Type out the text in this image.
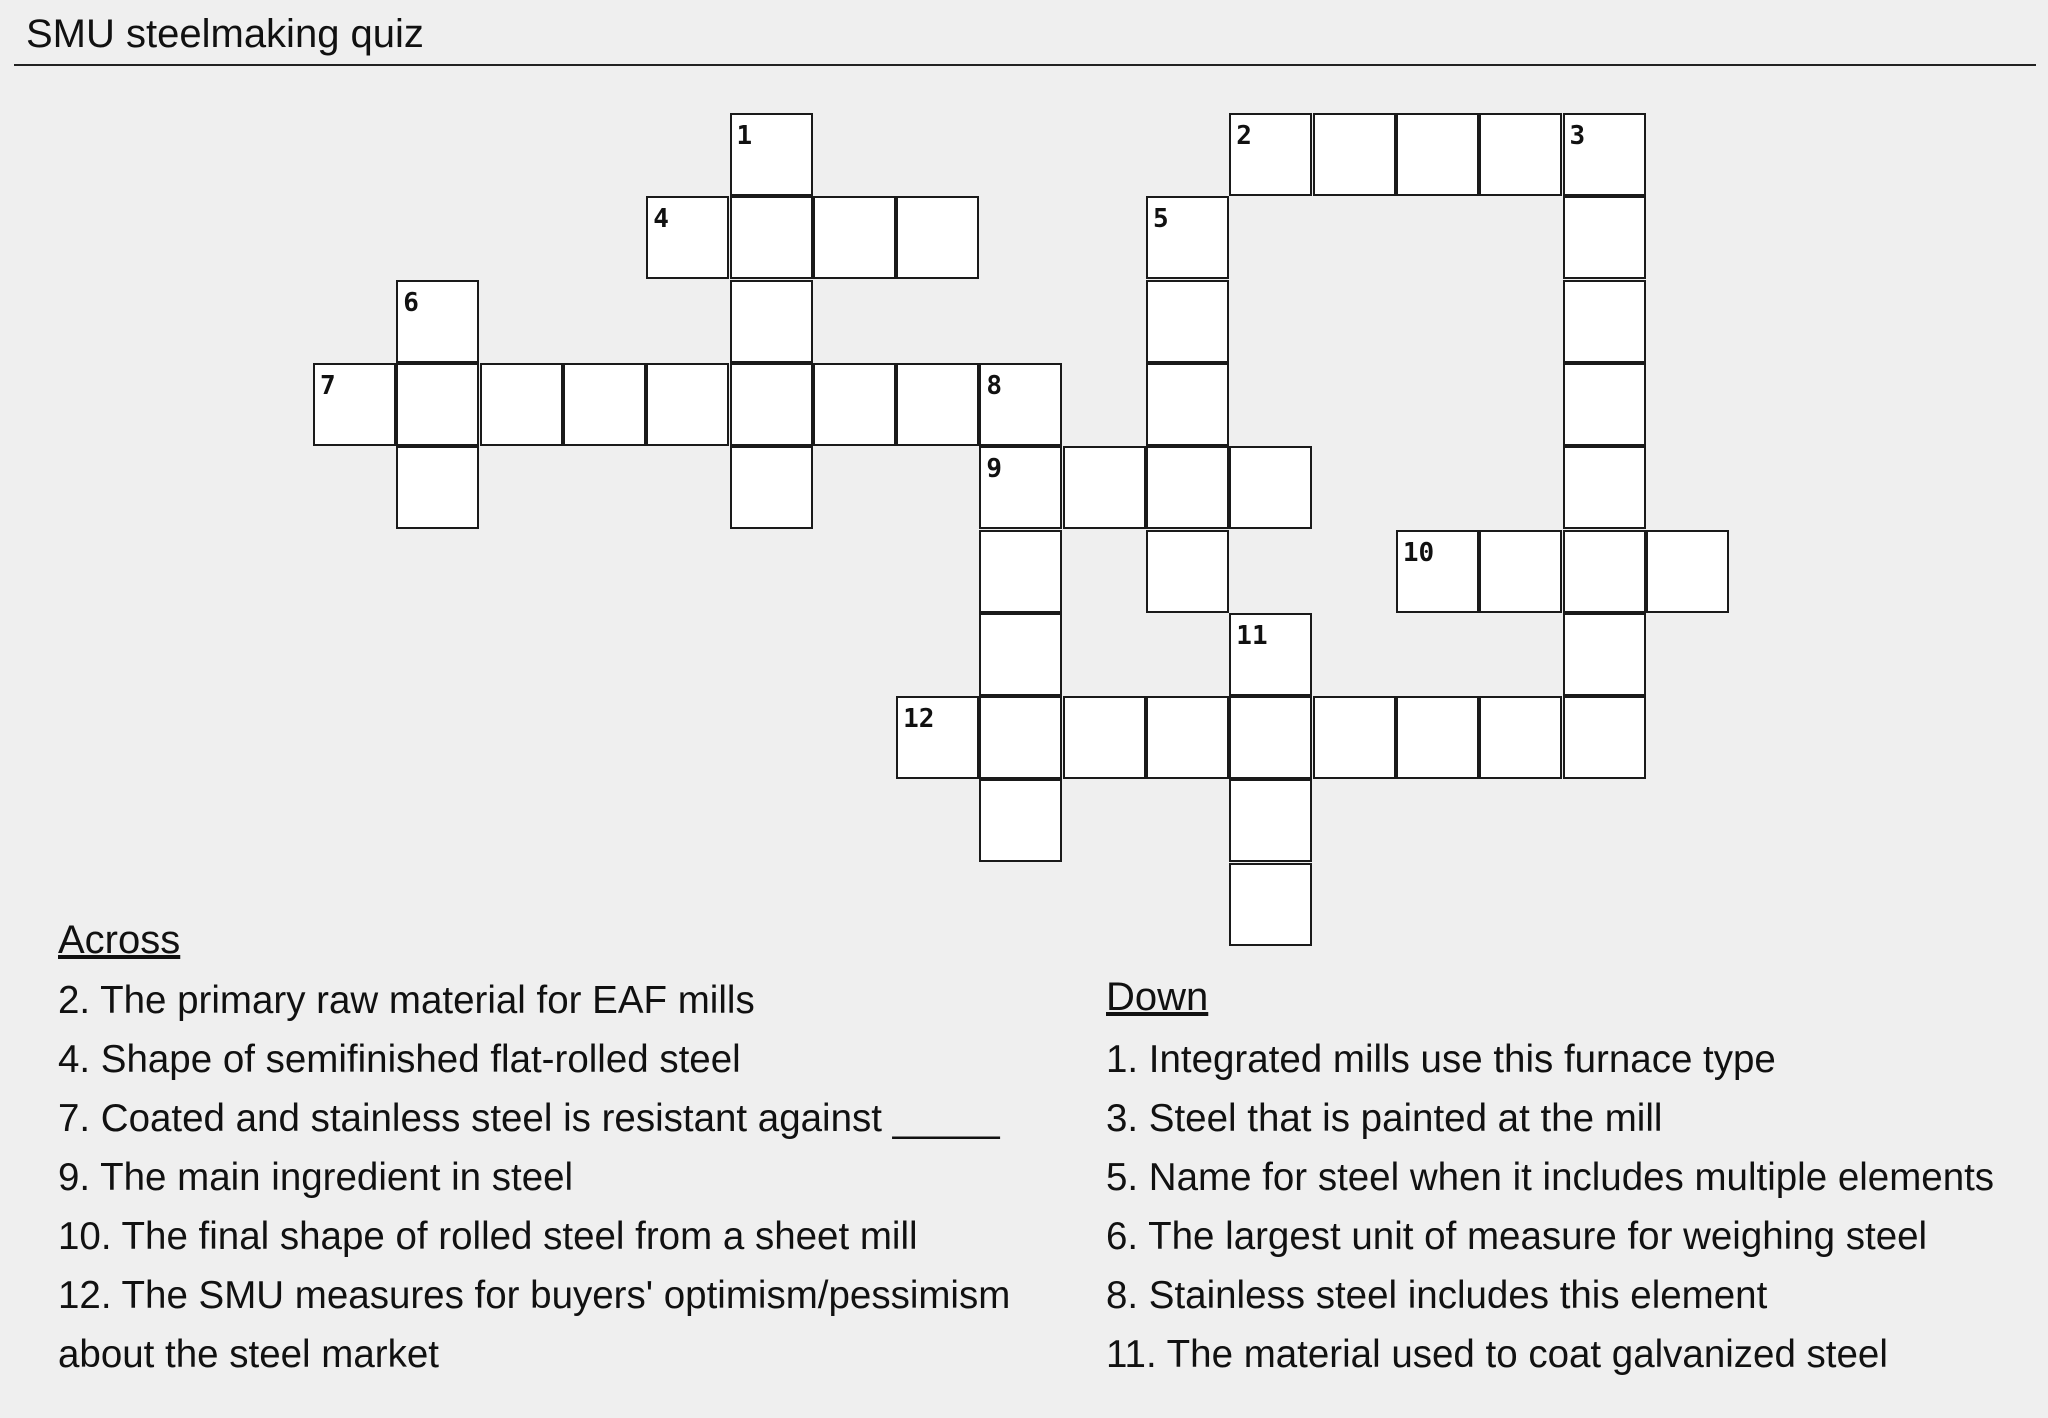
SMU steelmaking quiz
1	2	3
4	5
6
7	8
9
10
11
12
Across
2. The primary raw material for EAF mills
4. Shape of semifinished flat-rolled steel
7. Coated and stainless steel is resistant against _____
9. The main ingredient in steel
10. The final shape of rolled steel from a sheet mill
12. The SMU measures for buyers' optimism/pessimism
about the steel market
Down
1. Integrated mills use this furnace type
3. Steel that is painted at the mill
5. Name for steel when it includes multiple elements
6. The largest unit of measure for weighing steel
8. Stainless steel includes this element
11. The material used to coat galvanized steel
